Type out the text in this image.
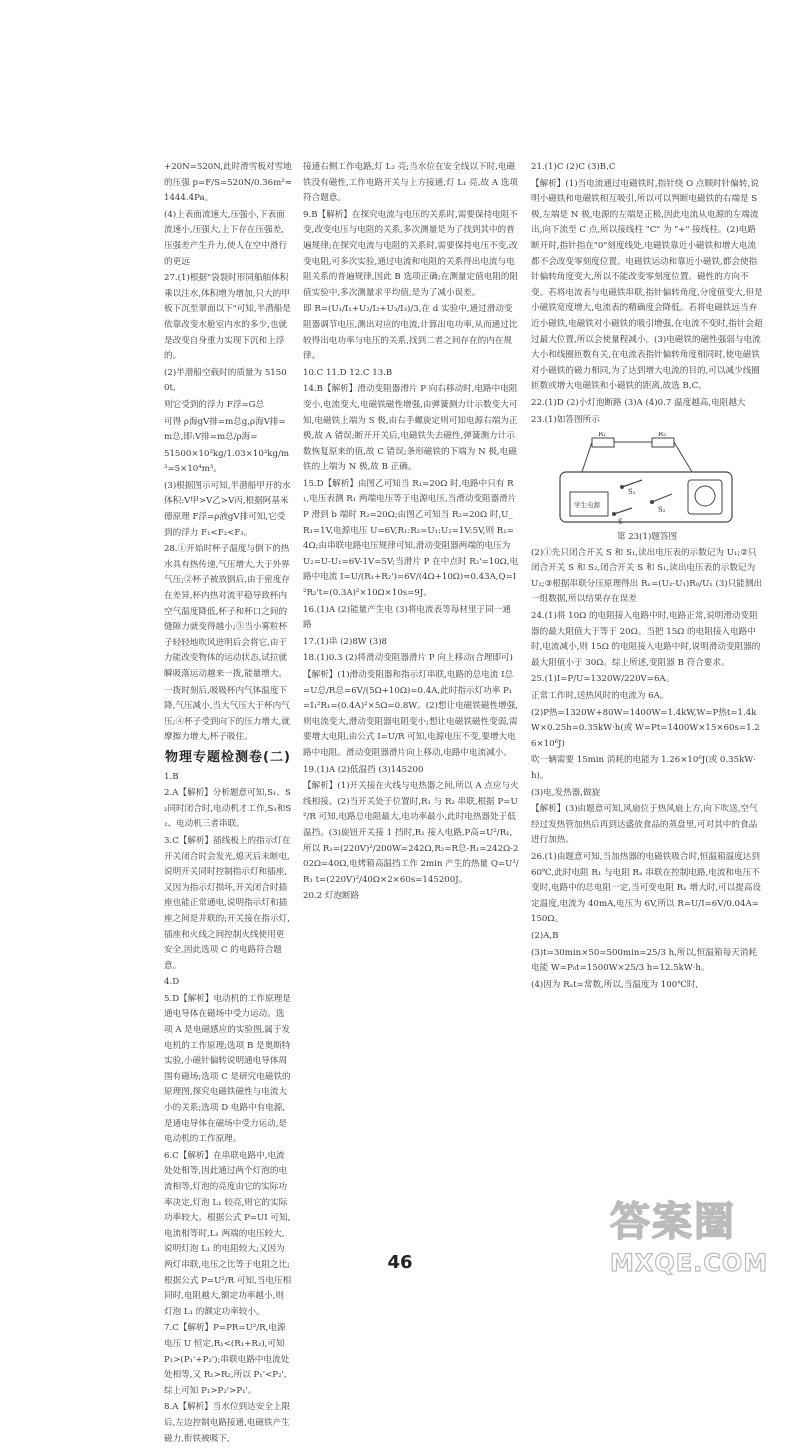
+20N=520N,此时滑雪板对雪地的压强 p=F/S=520N/0.36m²≈1444.4Pa。

(4)上表面流速大,压强小,下表面流速小,压强大,上下存在压强差,压强差产生升力,使人在空中滑行的更远

27.(1)根据"袋裂时形同船舶体积乘以注水,体积增为增加,只大的甲板下沉至翠面以下"可知,半潜船是依靠改变水舱室内水的多少,也就是改变自身重力实现下沉和上浮的。

(2)半潜船空载时的质量为 51500t,

则它受到的浮力 F浮=G总

可得 ρ海gV排=m总g,ρ海V排=m总,即:V排=m总/ρ海=

51500×10³kg/1.03×10³kg/m³=5×10⁴m³。

(3)根据图示可知,半潜船甲开的水体积:V甲>V乙>V丙,根据阿基米德原理 F浮=ρ液gV排可知,它受到的浮力 F₁<F₂<F₃。

28.①开始时杯子温度与倒下的热水具有热传递,气压增大,大于外界气压;②杯子被放倒后,由于密度存在差异,杯内热对流平稳导致杯内空气温度降低,杯子和杯口之间的缝隙力就变得越小;③当小雾粒杯子轻轻地吹风进明后会将它,由于力能改变物体的运动状态,试拉就瞬吸落运动越来一拨,能量增大。

一拨时刻后,吸吸杯内气体温度下降,气压减小,当大气压大于杯内气压;④杯子受到向下的压力增大,就摩擦力增大,杯子吸住。

物理专题检测卷(二)

1.B

2.A【解析】分析题意可知,S₁、S₂同时闭合时,电动机才工作,S₁和S₂、电动机三者串联。

3.C【解析】插线板上的指示灯在开关闭合时会发光,熄灭后未断电,说明开关同时控制指示灯和插座,又因为指示灯损坏,开关闭合时插座也能正常通电,说明指示灯和插座之间是并联的;开关接在指示灯,插座和火线之间控制火线使用更安全,因此选项 C 的电路符合题意。

4.D

5.D【解析】电动机的工作原理是通电导体在磁场中受力运动。选项 A 是电磁感应的实验图,属于发电机的工作原理;选项 B 是奥斯特实验,小磁针偏转说明通电导体周围有磁场;选项 C 是研究电磁铁的原理图,探究电磁铁磁性与电流大小的关系;选项 D 电路中有电源,是通电导体在磁场中受力运动,是电动机的工作原理。

6.C【解析】在串联电路中,电流处处相等,因此通过两个灯泡的电流相等,灯泡的亮度由它的实际功率决定,灯泡 L₁ 较亮,则它的实际功率较大。根据公式 P=UI 可知,电流相等时,L₁ 两端的电压较大,说明灯泡 L₁ 的电阻较大;又因为两灯串联,电压之比等于电阻之比;根据公式 P=U²/R 可知,当电压相同时,电阻越大,额定功率越小,则灯泡 L₁ 的额定功率较小。

7.C【解析】P=PR=U²/R,电源电压 U 恒定,R₁<(R₁+R₂),可知 P₁>(P₁'+P₂');串联电路中电流处处相等,又 R₁>R₂,所以 P₁'<P₂',综上可知 P₁>P₂'>P₁'。

8.A【解析】当水位到达安全上限后,左边控制电路接通,电磁铁产生磁力,衔铁被吸下,

接通右侧工作电路,灯 L₂ 亮;当水位在安全线以下时,电磁铁没有磁性,工作电路开关与上方接通,灯 L₁ 亮,故 A 选项符合题意。

9.B【解析】在探究电流与电压的关系时,需要保持电阻不变,改变电压与电阻的关系,多次测量是为了找到其中的普遍规律;在探究电流与电阻的关系时,需要保持电压不变,改变电阻,可多次实验,通过电流和电阻的关系得出电流与电阻关系的普遍规律,因此 B 选项正确;在测量定值电阻的阻值实验中,多次测量求平均值,是为了减小误差。

即 R=(U₁/I₁+U₂/I₂+U₃/I₃)/3,在 d 实验中,通过滑动变阻器调节电压,测出对应的电流,计算出电功率,从而通过比较得出电功率与电压的关系,找到二者之间存在的内在规律。

10.C 11.D 12.C 13.B

14.B【解析】滑动变阻器滑片 P 向右移动时,电路中电阻变小,电流变大,电磁铁磁性增强,由弹簧测力计示数变大可知,电磁铁上端为 S 极,由右手螺旋定则可知电源右端为正极,故 A 错误;断开开关后,电磁铁失去磁性,弹簧测力计示数恢复原来的值,故 C 错误;条形磁铁的下端为 N 极,电磁铁的上端为 N 极,故 B 正确。

15.D【解析】由图乙可知当 R₁=20Ω 时,电路中只有 R₁,电压表测 R₁ 两端电压等于电源电压,当滑动变阻器滑片 P 滑到 b 端时 R₂=20Ω;由图乙可知当 R₂=20Ω 时,U_R₁=1V,电源电压 U=6V,R₁:R₂=U₁:U₂=1V:5V,则 R₁=4Ω;由串联电路电压规律可知,滑动变阻器两端的电压为 U₂=U-U₁=6V-1V=5V;当滑片 P 在中点时 R₂'=10Ω,电路中电流 I=U/(R₁+R₂')=6V/(4Ω+10Ω)≈0.43A,Q=I²R₂'t=(0.3A)²×10Ω×10s=9J。

16.(1)A (2)能量产生电 (3)将电流表等每材里于同一通路

17.(1)串 (2)8W (3)8

18.(1)0.3 (2)将滑动变阻器滑片 P 向上移动(合理即可)

【解析】(1)滑动变阻器和指示灯串联,电路的总电流 I总=U总/R总=6V/(5Ω+10Ω)=0.4A,此时指示灯功率 P₁=I₁²R₁=(0.4A)²×5Ω=0.8W。(2)想让电磁铁磁性增强,则电流变大,滑动变阻器电阻变小;想让电磁铁磁性变弱,需要增大电阻,由公式 I=U/R 可知,电源电压不变,要增大电路中电阻。滑动变阻器滑片向上移动,电路中电流减小。

19.(1)A (2)低温挡 (3)145200

【解析】(1)开关接在火线与电热器之间,所以 A 点应与火线相接。(2)当开关处于位置时,R₁ 与 R₂ 串联,根据 P=U²/R 可知,电路总电阻最大,电功率最小,此时电热器处于低温挡。(3)旋钮开关接 1 挡时,R₁ 接入电路,P高=U²/R₁,所以 R₁=(220V)²/200W=242Ω,R₂=R总-R₁=242Ω-202Ω=40Ω,电烤箱高温挡工作 2min 产生的热量 Q=U²/R₁ t=(220V)²/40Ω×2×60s=145200J。

20.2 灯泡断路

21.(1)C (2)C (3)B,C

【解析】(1)当电流通过电磁铁时,指针绕 O 点顺时针偏转,说明小磁铁和电磁铁相互吸引,所以可以判断电磁铁的右端是 S 极,左端是 N 极,电源的左端是正极,因此电流从电源的左端流出,向下流至 C 点,所以接线柱 "C" 为 "+" 接线柱。(2)电路断开时,指针指在"0"刻度线处,电磁铁靠近小磁铁和增大电流都不会改变零刻度位置。电磁铁运动和靠近小磁铁,都会使指针偏转角度变大,所以不能改变零刻度位置。磁性的方向不变。若将电流表与电磁铁串联,指针偏转角度,分度值变大,但是小磁铁宽度增大,电流表的精确度会降低。若将电磁铁远当弃近小磁铁,电磁铁对小磁铁的吸引增强,在电流不变时,指针会超过最大位置,所以会使量程减小。(3)电磁铁的磁性强弱与电流大小和线圈匝数有关,在电流表指针偏转角度相同时,使电磁铁对小磁铁的磁力相同,为了达到增大电流的目的,可以减少线圈匝数或增大电磁铁和小磁铁的距离,故选 B,C。

22.(1)D (2)小灯泡断路 (3)A (4)0.7 温度越高,电阻越大

23.(1)如答图所示

R₁	R₂
S₁
S₂
S
学生电源
第 23(1)题答图

(2)①先只闭合开关 S 和 S₁,读出电压表的示数记为 U₁;②只闭合开关 S 和 S₂,闭合开关 S 和 S₁,读出电压表的示数记为 U₂;③根据串联分压原理得出 Rₓ=(U₂-U₁)R₀/U₁ (3)只能测出一组数据,所以结果存在误差

24.(1)将 10Ω 的电阻接入电路中时,电路正常,说明滑动变阻器的最大阻值大于等于 20Ω。当把 15Ω 的电阻接入电路中时,电流减小,则 15Ω 的电阻接入电路中时,说明滑动变阻器的最大阻值小于 30Ω。综上所述,变阻器 B 符合要求。

25.(1)I=P/U=1320W/220V=6A。

正常工作时,送热风时的电流为 6A。

(2)P热=1320W+80W=1400W=1.4kW,W=P热t=1.4kW×0.25h=0.35kW·h(或 W=Pt=1400W×15×60s=1.26×10⁶J)

吹一辆需要 15min 消耗的电能为 1.26×10⁶J(或 0.35kW·h)。

(3)电,发热器,做旋

【解析】(3)由题意可知,风扇位于热风扇上方,向下吹送,空气经过发热管加热后再到达盛放食品的蒸盘里,可对其中的食品进行加热。

26.(1)由题意可知,当加热器的电磁铁吸合时,恒温箱温度达到 60℃,此时电阻 R₁ 与电阻 Rₓ 串联在控制电路,电流和电压不变时,电路中的总电阻一定,当可变电阻 Rₓ 增大时,可以提高设定温度,电流为 40mA,电压为 6V,所以 R=U/I=6V/0.04A=150Ω。

(2)A,B

(3)t=30min×50=500min=25/3 h,所以,恒温箱每天消耗电能 W=P₀t=1500W×25/3 h=12.5kW·h。

(4)因为 Rₓt=常数,所以,当温度为 100℃时,

46
答案圈
MXQE.COM
